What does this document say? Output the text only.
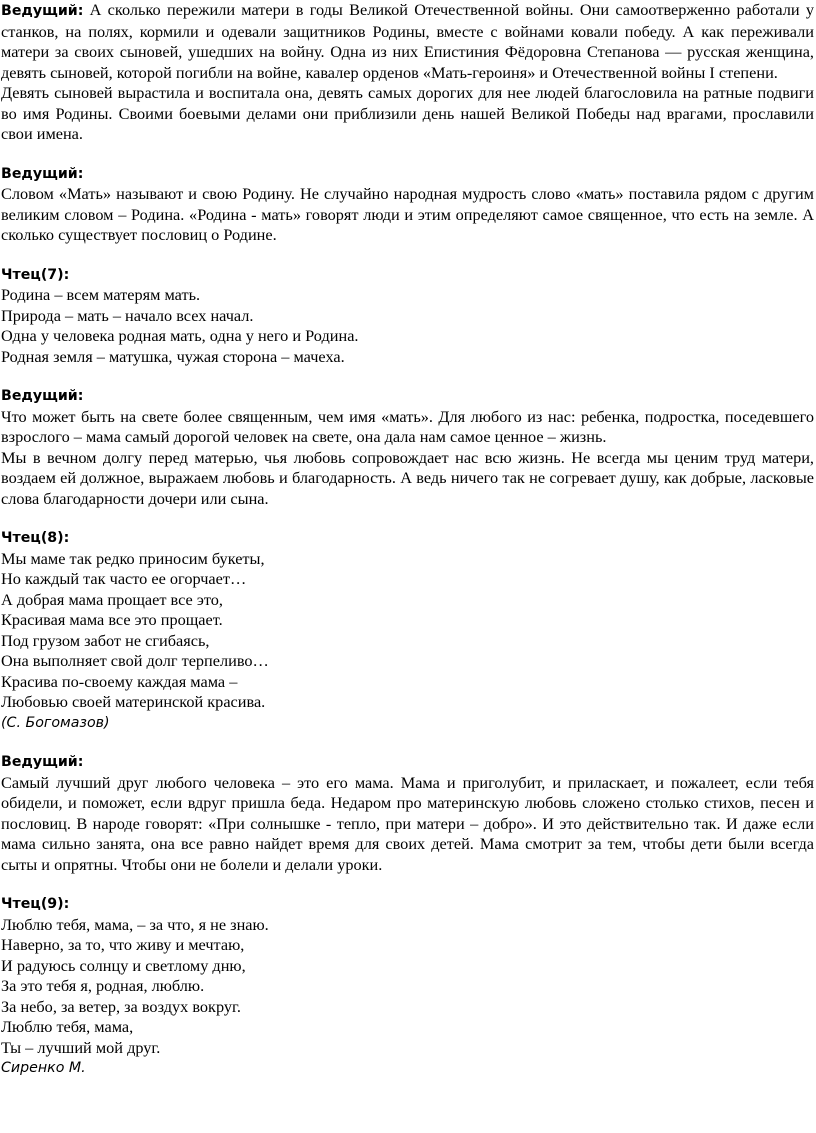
Ведущий: А сколько пережили матери в годы Великой Отечественной войны. Они самоотверженно работали у станков, на полях, кормили и одевали защитников Родины, вместе с войнами ковали победу. А как переживали матери за своих сыновей, ушедших на войну. Одна из них Епистиния Фёдоровна Степанова — русская женщина, девять сыновей, которой погибли на войне, кавалер орденов «Мать-героиня» и Отечественной войны I степени.

Девять сыновей вырастила и воспитала она, девять самых дорогих для нее людей благословила на ратные подвиги во имя Родины. Своими боевыми делами они приблизили день нашей Великой Победы над врагами, прославили свои имена.

Ведущий:

Словом «Мать» называют и свою Родину. Не случайно народная мудрость слово «мать» поставила рядом с другим великим словом – Родина. «Родина - мать» говорят люди и этим определяют самое священное, что есть на земле. А сколько существует пословиц о Родине.

Чтец(7):

Родина – всем матерям мать.

Природа – мать – начало всех начал.

Одна у человека родная мать, одна у него и Родина.

Родная земля – матушка, чужая сторона – мачеха.

Ведущий:

Что может быть на свете более священным, чем имя «мать». Для любого из нас: ребенка, подростка, поседевшего взрослого – мама самый дорогой человек на свете, она дала нам самое ценное – жизнь.

Мы в вечном долгу перед матерью, чья любовь сопровождает нас всю жизнь. Не всегда мы ценим труд матери, воздаем ей должное, выражаем любовь и благодарность. А ведь ничего так не согревает душу, как добрые, ласковые слова благодарности дочери или сына.

Чтец(8):

Мы маме так редко приносим букеты,

Но каждый так часто ее огорчает…

А добрая мама прощает все это,

Красивая мама все это прощает.

Под грузом забот не сгибаясь,

Она выполняет свой долг терпеливо…

Красива по-своему каждая мама –

Любовью своей материнской красива.

(С. Богомазов)

Ведущий:

Самый лучший друг любого человека – это его мама. Мама и приголубит, и приласкает, и пожалеет, если тебя обидели, и поможет, если вдруг пришла беда. Недаром про материнскую любовь сложено столько стихов, песен и пословиц. В народе говорят: «При солнышке - тепло, при матери – добро». И это действительно так. И даже если мама сильно занята, она все равно найдет время для своих детей. Мама смотрит за тем, чтобы дети были всегда сыты и опрятны. Чтобы они не болели и делали уроки.

Чтец(9):

Люблю тебя, мама, – за что, я не знаю.

Наверно, за то, что живу и мечтаю,

И радуюсь солнцу и светлому дню,

За это тебя я, родная, люблю.

За небо, за ветер, за воздух вокруг.

Люблю тебя, мама,

Ты – лучший мой друг.

Сиренко М.
